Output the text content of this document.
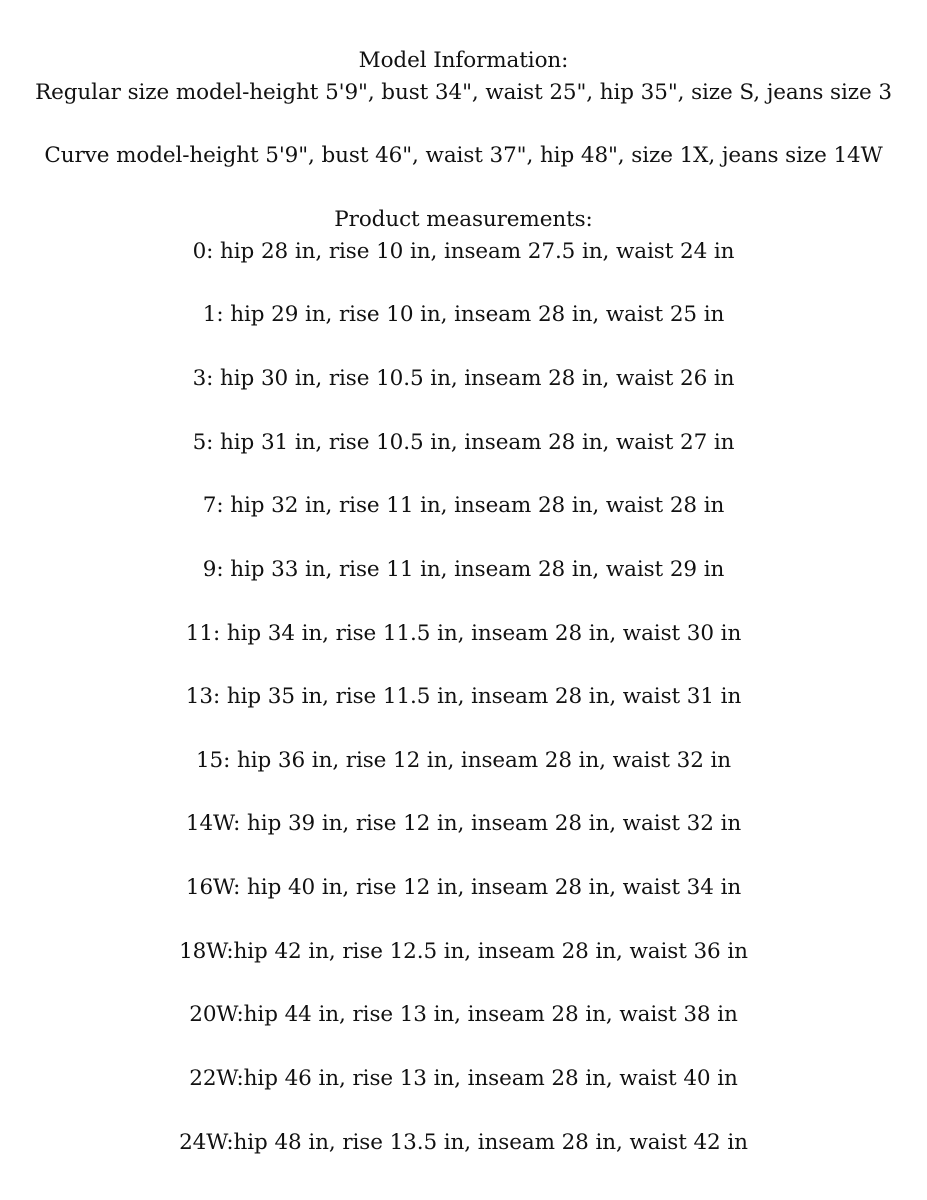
Model Information:
Regular size model-height 5'9", bust 34", waist 25", hip 35", size S, jeans size 3
Curve model-height 5'9", bust 46", waist 37", hip 48", size 1X, jeans size 14W
Product measurements:
0: hip 28 in, rise 10 in, inseam 27.5 in, waist 24 in
1: hip 29 in, rise 10 in, inseam 28 in, waist 25 in
3: hip 30 in, rise 10.5 in, inseam 28 in, waist 26 in
5: hip 31 in, rise 10.5 in, inseam 28 in, waist 27 in
7: hip 32 in, rise 11 in, inseam 28 in, waist 28 in
9: hip 33 in, rise 11 in, inseam 28 in, waist 29 in
11: hip 34 in, rise 11.5 in, inseam 28 in, waist 30 in
13: hip 35 in, rise 11.5 in, inseam 28 in, waist 31 in
15: hip 36 in, rise 12 in, inseam 28 in, waist 32 in
14W: hip 39 in, rise 12 in, inseam 28 in, waist 32 in
16W: hip 40 in, rise 12 in, inseam 28 in, waist 34 in
18W:hip 42 in, rise 12.5 in, inseam 28 in, waist 36 in
20W:hip 44 in, rise 13 in, inseam 28 in, waist 38 in
22W:hip 46 in, rise 13 in, inseam 28 in, waist 40 in
24W:hip 48 in, rise 13.5 in, inseam 28 in, waist 42 in
